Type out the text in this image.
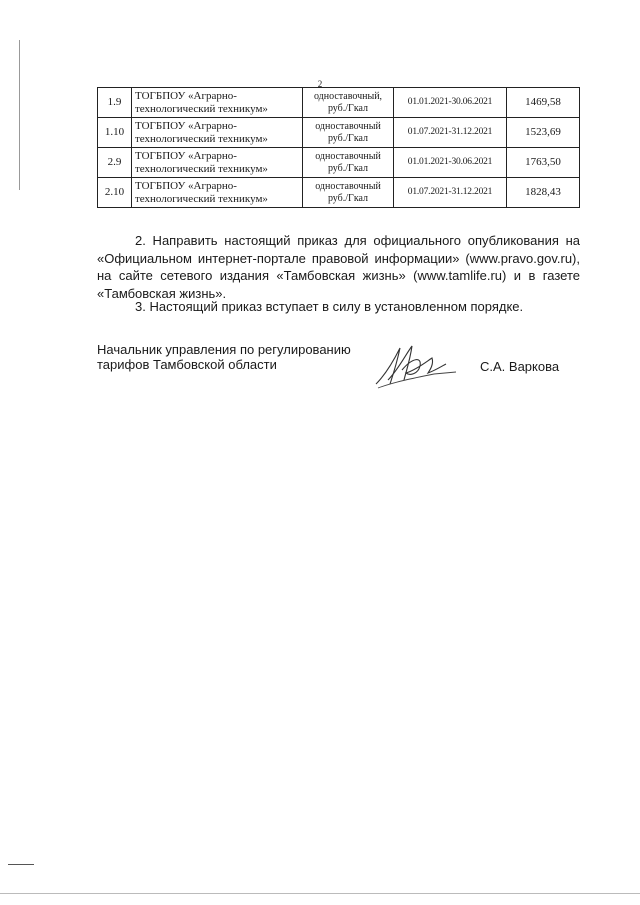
2
1.9	ТОГБПОУ «Аграрно-
технологический техникум»	одноставочный,
руб./Гкал	01.01.2021-30.06.2021	1469,58
1.10	ТОГБПОУ «Аграрно-
технологический техникум»	одноставочный
руб./Гкал	01.07.2021-31.12.2021	1523,69
2.9	ТОГБПОУ «Аграрно-
технологический техникум»	одноставочный
руб./Гкал	01.01.2021-30.06.2021	1763,50
2.10	ТОГБПОУ «Аграрно-
технологический техникум»	одноставочный
руб./Гкал	01.07.2021-31.12.2021	1828,43

2. Направить настоящий приказ для официального опубликования на «Официальном интернет-портале правовой информации» (www.pravo.gov.ru), на сайте сетевого издания «Тамбовская жизнь» (www.tamlife.ru) и в газете «Тамбовская жизнь».

3. Настоящий приказ вступает в силу в установленном порядке.

Начальник управления по регулированию
тарифов Тамбовской области	С.А. Варкова
